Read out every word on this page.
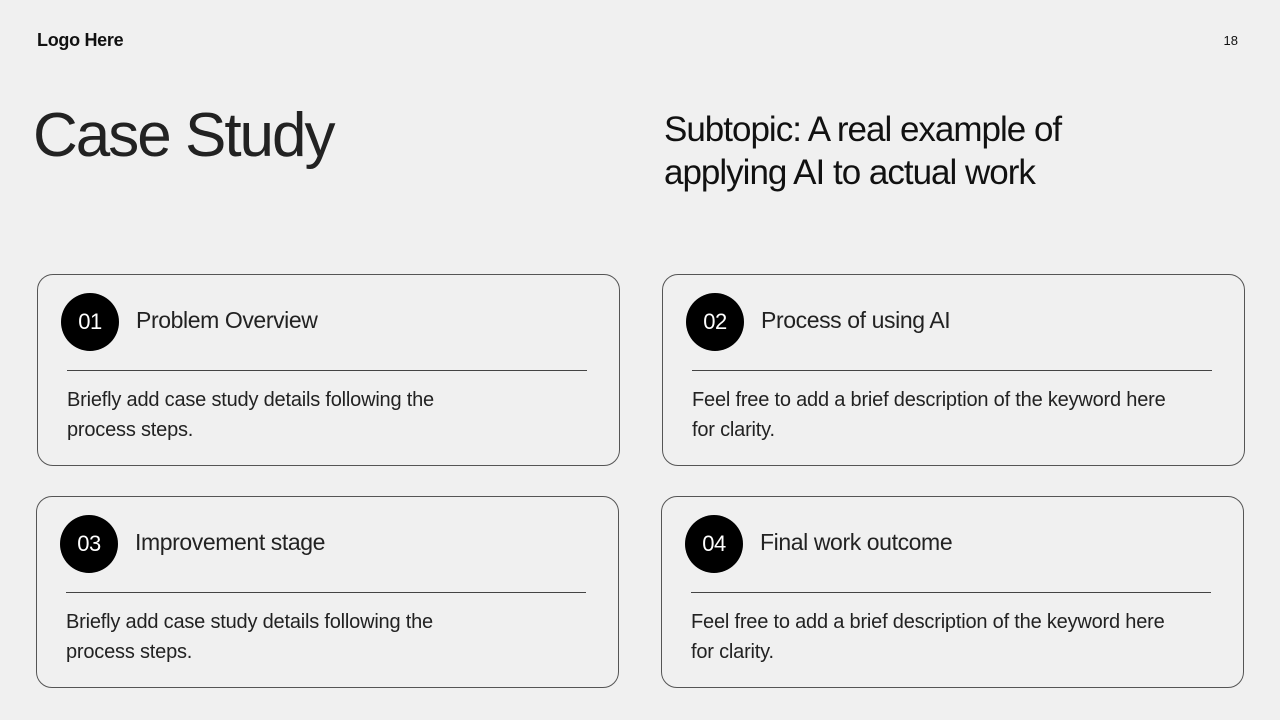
Logo Here	18
Case Study	Subtopic: A real example of applying AI to actual work
01	Problem Overview
Briefly add case study details following the process steps.
02	Process of using AI
Feel free to add a brief description of the keyword here for clarity.
03	Improvement stage
Briefly add case study details following the process steps.
04	Final work outcome
Feel free to add a brief description of the keyword here for clarity.
